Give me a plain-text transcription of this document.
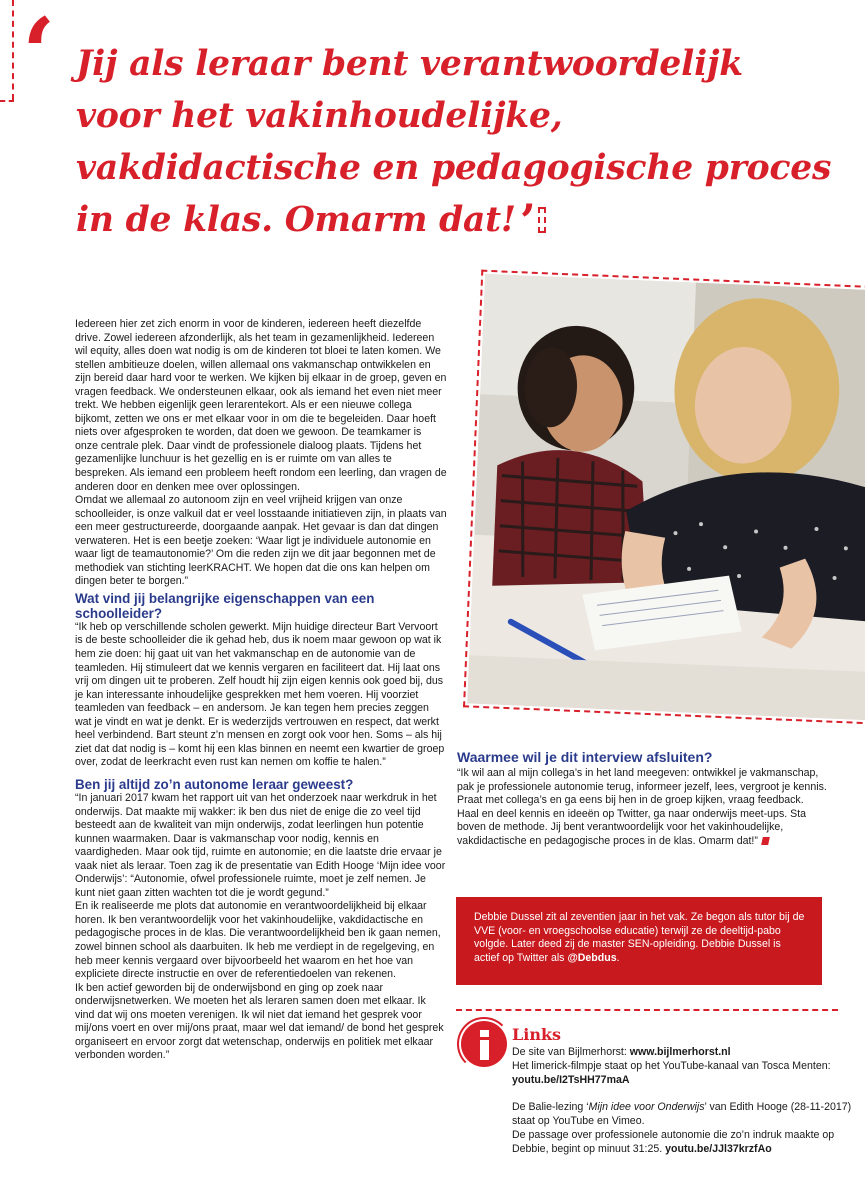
‘ Jij als leraar bent verantwoordelijk voor het vakinhoudelijke, vakdidactische en pedagogische proces in de klas. Omarm dat!’

Iedereen hier zet zich enorm in voor de kinderen, iedereen heeft diezelfde drive. Zowel iedereen afzonderlijk, als het team in gezamenlijkheid. Iedereen wil equity, alles doen wat nodig is om de kinderen tot bloei te laten komen. We stellen ambitieuze doelen, willen allemaal ons vakmanschap ontwikkelen en zijn bereid daar hard voor te werken. We kijken bij elkaar in de groep, geven en vragen feedback. We ondersteunen elkaar, ook als iemand het even niet meer trekt. We hebben eigenlijk geen lerarentekort. Als er een nieuwe collega bijkomt, zetten we ons er met elkaar voor in om die te begeleiden. Daar hoeft niets over afgesproken te worden, dat doen we gewoon. De teamkamer is onze centrale plek. Daar vindt de professionele dialoog plaats. Tijdens het gezamenlijke lunchuur is het gezellig en is er ruimte om van alles te bespreken. Als iemand een probleem heeft rondom een leerling, dan vragen de anderen door en denken mee over oplossingen.

Omdat we allemaal zo autonoom zijn en veel vrijheid krijgen van onze schoolleider, is onze valkuil dat er veel losstaande initiatieven zijn, in plaats van een meer gestructureerde, doorgaande aanpak. Het gevaar is dan dat dingen verwateren. Het is een beetje zoeken: ‘Waar ligt je individuele autonomie en waar ligt de teamautonomie?’ Om die reden zijn we dit jaar begonnen met de methodiek van stichting leerKRACHT. We hopen dat die ons kan helpen om dingen beter te borgen.”

Wat vind jij belangrijke eigenschappen van een schoolleider?

“Ik heb op verschillende scholen gewerkt. Mijn huidige directeur Bart Vervoort is de beste schoolleider die ik gehad heb, dus ik noem maar gewoon op wat ik hem zie doen: hij gaat uit van het vakmanschap en de autonomie van de teamleden. Hij stimuleert dat we kennis vergaren en faciliteert dat. Hij laat ons vrij om dingen uit te proberen. Zelf houdt hij zijn eigen kennis ook goed bij, dus je kan interessante inhoudelijke gesprekken met hem voeren. Hij voorziet teamleden van feedback – en andersom. Je kan tegen hem precies zeggen wat je vindt en wat je denkt. Er is wederzijds vertrouwen en respect, dat werkt heel verbindend. Bart steunt z’n mensen en zorgt ook voor hen. Soms – als hij ziet dat dat nodig is – komt hij een klas binnen en neemt een kwartier de groep over, zodat de leerkracht even rust kan nemen om koffie te halen.”

Ben jij altijd zo’n autonome leraar geweest?

“In januari 2017 kwam het rapport uit van het onderzoek naar werkdruk in het onderwijs. Dat maakte mij wakker: ik ben dus niet de enige die zo veel tijd besteedt aan de kwaliteit van mijn onderwijs, zodat leerlingen hun potentie kunnen waarmaken. Daar is vakmanschap voor nodig, kennis en vaardigheden. Maar ook tijd, ruimte en autonomie; en die laatste drie ervaar je vaak niet als leraar. Toen zag ik de presentatie van Edith Hooge ‘Mijn idee voor Onderwijs’: “Autonomie, ofwel professionele ruimte, moet je zelf nemen. Je kunt niet gaan zitten wachten tot die je wordt gegund.”

En ik realiseerde me plots dat autonomie en verantwoordelijkheid bij elkaar horen. Ik ben verantwoordelijk voor het vakinhoudelijke, vakdidactische en pedagogische proces in de klas. Die verantwoordelijkheid ben ik gaan nemen, zowel binnen school als daarbuiten. Ik heb me verdiept in de regelgeving, en heb meer kennis vergaard over bijvoorbeeld het waarom en het hoe van expliciete directe instructie en over de referentiedoelen van rekenen.

Ik ben actief geworden bij de onderwijsbond en ging op zoek naar onderwijsnetwerken. We moeten het als leraren samen doen met elkaar. Ik vind dat wij ons moeten verenigen. Ik wil niet dat iemand het gesprek voor mij/ons voert en over mij/ons praat, maar wel dat iemand/ de bond het gesprek organiseert en ervoor zorgt dat wetenschap, onderwijs en politiek met elkaar verbonden worden.”

Waarmee wil je dit interview afsluiten?

“Ik wil aan al mijn collega’s in het land meegeven: ontwikkel je vakmanschap, pak je professionele autonomie terug, informeer jezelf, lees, vergroot je kennis. Praat met collega’s en ga eens bij hen in de groep kijken, vraag feedback. Haal en deel kennis en ideeën op Twitter, ga naar onderwijs meet-ups. Sta boven de methode. Jij bent verantwoordelijk voor het vakinhoudelijke, vakdidactische en pedagogische proces in de klas. Omarm dat!”

Debbie Dussel zit al zeventien jaar in het vak. Ze begon als tutor bij de VVE (voor- en vroegschoolse educatie) terwijl ze de deeltijd-pabo volgde. Later deed zij de master SEN-opleiding. Debbie Dussel is actief op Twitter als @Debdus.
Links
De site van Bijlmerhorst: www.bijlmerhorst.nl
Het limerick-filmpje staat op het YouTube-kanaal van Tosca Menten: youtu.be/I2TsHH77maA
De Balie-lezing ‘Mijn idee voor Onderwijs’ van Edith Hooge (28-11-2017) staat op YouTube en Vimeo.
De passage over professionele autonomie die zo’n indruk maakte op Debbie, begint op minuut 31:25. youtu.be/JJl37krzfAo
